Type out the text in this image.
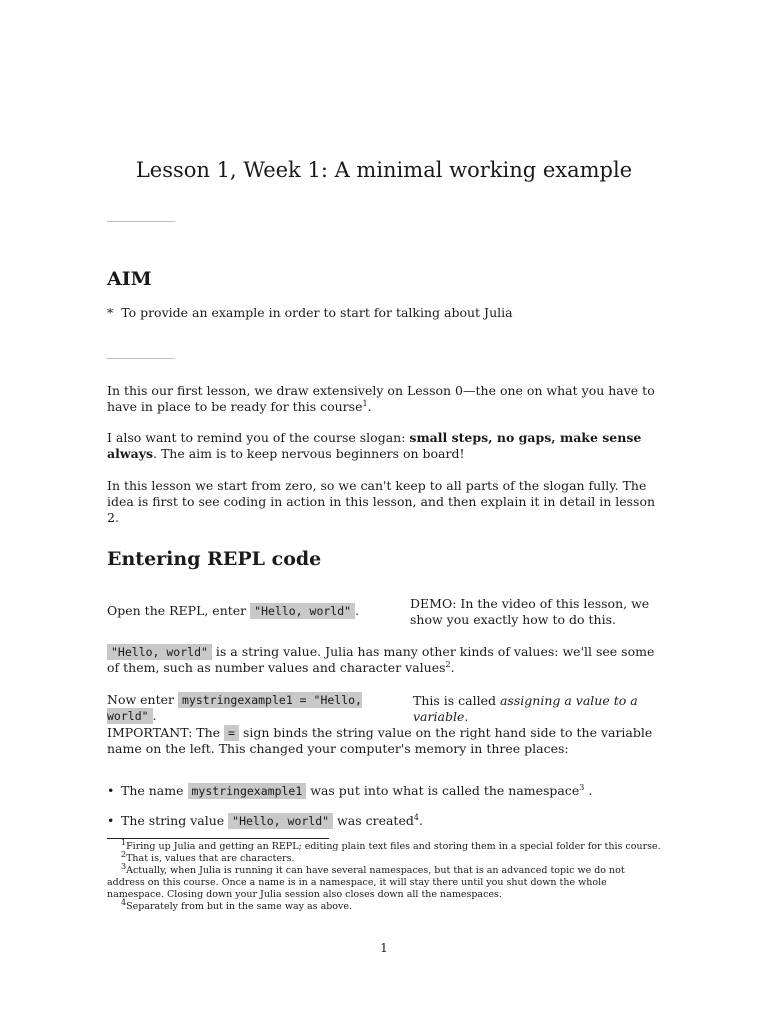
Lesson 1, Week 1: A minimal working example
AIM
* To provide an example in order to start for talking about Julia

In this our first lesson, we draw extensively on Lesson 0—the one on what you have to have in place to be ready for this course$^1$.

I also want to remind you of the course slogan: small steps, no gaps, make sense always. The aim is to keep nervous beginners on board!

In this lesson we start from zero, so we can't keep to all parts of the slogan fully. The idea is first to see coding in action in this lesson, and then explain it in detail in lesson 2.

Entering REPL code
Open the REPL, enter "Hello, world" .	DEMO: In the video of this lesson, we show you exactly how to do this.

"Hello, world" is a string value. Julia has many other kinds of values: we'll see some of them, such as number values and character values$^2$.

Now enter mystringexample1 = "Hello, world" .
This is called assigning a value to a variable.

IMPORTANT: The = sign binds the string value on the right hand side to the variable name on the left. This changed your computer's memory in three places:

• The name mystringexample1 was put into what is called the namespace$^3$ .
• The string value "Hello, world" was created$^4$.

$^1$Firing up Julia and getting an REPL; editing plain text files and storing them in a special folder for this course.

$^2$That is, values that are characters.

$^3$Actually, when Julia is running it can have several namespaces, but that is an advanced topic we do not address on this course. Once a name is in a namespace, it will stay there until you shut down the whole namespace. Closing down your Julia session also closes down all the namespaces.

$^4$Separately from but in the same way as above.

1
